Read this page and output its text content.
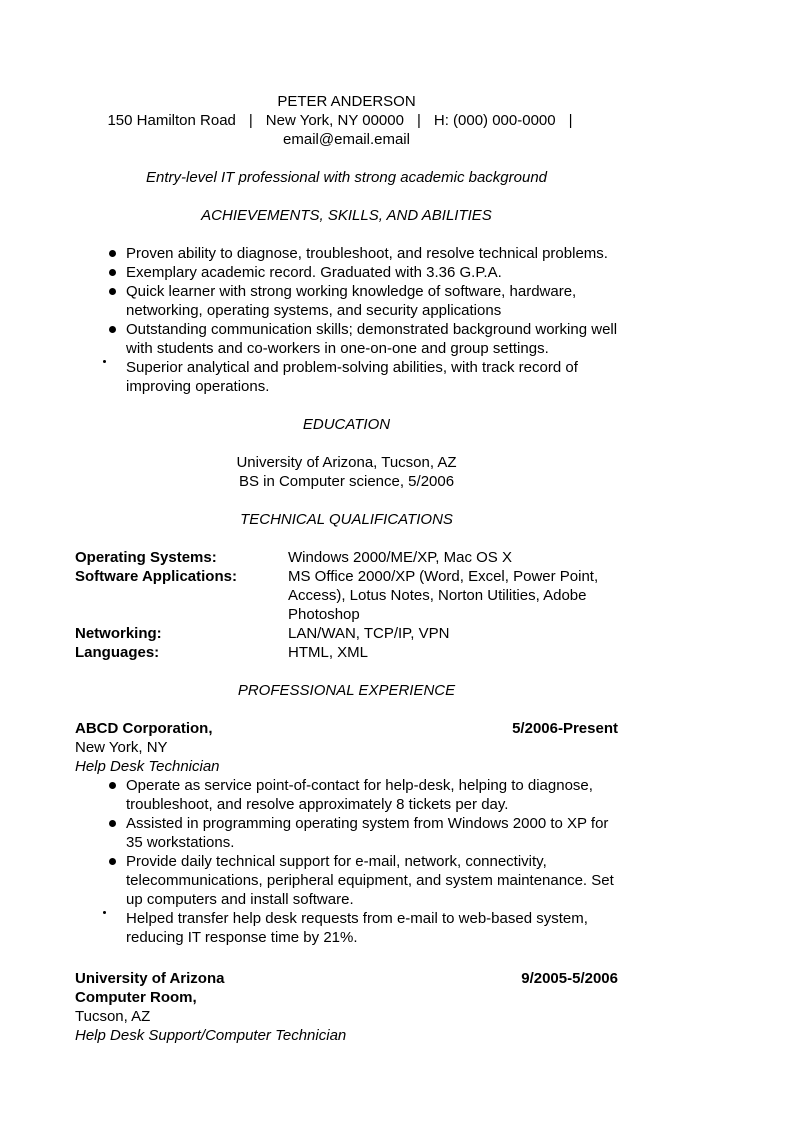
PETER ANDERSON
150 Hamilton Road | New York, NY 00000 | H: (000) 000-0000 |
email@email.email
Entry-level IT professional with strong academic background
ACHIEVEMENTS, SKILLS, AND ABILITIES
Proven ability to diagnose, troubleshoot, and resolve technical problems.
Exemplary academic record. Graduated with 3.36 G.P.A.
Quick learner with strong working knowledge of software, hardware, networking, operating systems, and security applications
Outstanding communication skills; demonstrated background working well with students and co-workers in one-on-one and group settings.
Superior analytical and problem-solving abilities, with track record of improving operations.
EDUCATION
University of Arizona, Tucson, AZ
BS in Computer science, 5/2006
TECHNICAL QUALIFICATIONS
Operating Systems:	Windows 2000/ME/XP, Mac OS X
Software Applications:	MS Office 2000/XP (Word, Excel, Power Point, Access), Lotus Notes, Norton Utilities, Adobe Photoshop
Networking:	LAN/WAN, TCP/IP, VPN
Languages:	HTML, XML
PROFESSIONAL EXPERIENCE
ABCD Corporation,	5/2006-Present
New York, NY
Help Desk Technician
Operate as service point-of-contact for help-desk, helping to diagnose, troubleshoot, and resolve approximately 8 tickets per day.
Assisted in programming operating system from Windows 2000 to XP for 35 workstations.
Provide daily technical support for e-mail, network, connectivity, telecommunications, peripheral equipment, and system maintenance. Set up computers and install software.
Helped transfer help desk requests from e-mail to web-based system, reducing IT response time by 21%.
University of Arizona	9/2005-5/2006
Computer Room,
Tucson, AZ
Help Desk Support/Computer Technician
